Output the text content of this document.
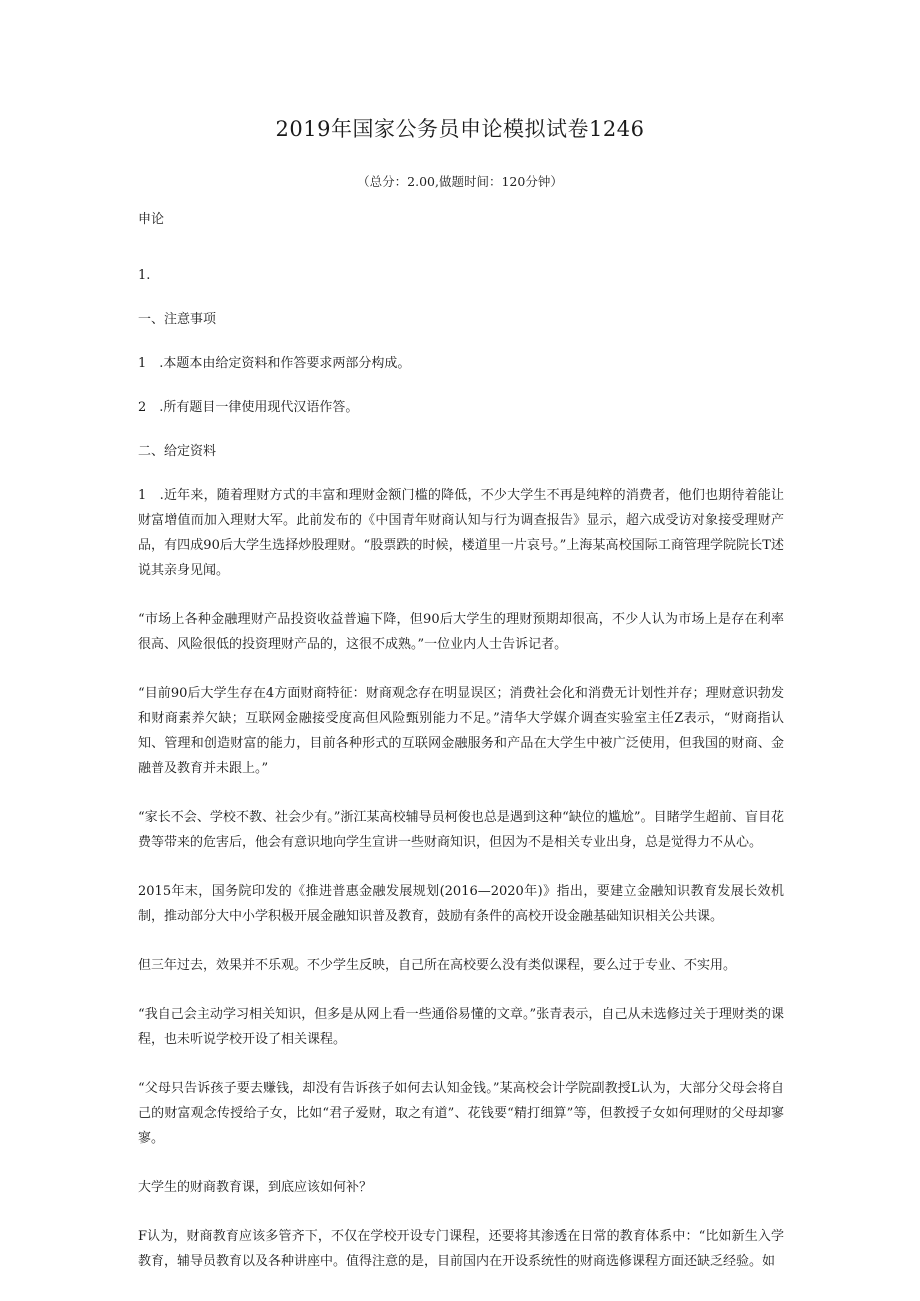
2019年国家公务员申论模拟试卷1246
（总分：2.00,做题时间：120分钟）

申论

1.

一、注意事项

1　.本题本由给定资料和作答要求两部分构成。

2　.所有题目一律使用现代汉语作答。

二、给定资料

1　.近年来，随着理财方式的丰富和理财金额门槛的降低，不少大学生不再是纯粹的消费者，他们也期待着能让财富增值而加入理财大军。此前发布的《中国青年财商认知与行为调查报告》显示，超六成受访对象接受理财产品，有四成90后大学生选择炒股理财。“股票跌的时候，楼道里一片哀号。”上海某高校国际工商管理学院院长T述说其亲身见闻。

“市场上各种金融理财产品投资收益普遍下降，但90后大学生的理财预期却很高，不少人认为市场上是存在利率很高、风险很低的投资理财产品的，这很不成熟。”一位业内人士告诉记者。

“目前90后大学生存在4方面财商特征：财商观念存在明显误区；消费社会化和消费无计划性并存；理财意识勃发和财商素养欠缺；互联网金融接受度高但风险甄别能力不足。”清华大学媒介调查实验室主任Z表示，“财商指认知、管理和创造财富的能力，目前各种形式的互联网金融服务和产品在大学生中被广泛使用，但我国的财商、金融普及教育并未跟上。”

“家长不会、学校不教、社会少有。”浙江某高校辅导员柯俊也总是遇到这种“缺位的尴尬”。目睹学生超前、盲目花费等带来的危害后，他会有意识地向学生宣讲一些财商知识，但因为不是相关专业出身，总是觉得力不从心。

2015年末，国务院印发的《推进普惠金融发展规划(2016—2020年)》指出，要建立金融知识教育发展长效机制，推动部分大中小学积极开展金融知识普及教育，鼓励有条件的高校开设金融基础知识相关公共课。

但三年过去，效果并不乐观。不少学生反映，自己所在高校要么没有类似课程，要么过于专业、不实用。

“我自己会主动学习相关知识，但多是从网上看一些通俗易懂的文章。”张青表示，自己从未选修过关于理财类的课程，也未听说学校开设了相关课程。

“父母只告诉孩子要去赚钱，却没有告诉孩子如何去认知金钱。”某高校会计学院副教授L认为，大部分父母会将自己的财富观念传授给子女，比如“君子爱财，取之有道”、花钱要“精打细算”等，但教授子女如何理财的父母却寥寥。

大学生的财商教育课，到底应该如何补？

F认为，财商教育应该多管齐下，不仅在学校开设专门课程，还要将其渗透在日常的教育体系中：“比如新生入学教育，辅导员教育以及各种讲座中。值得注意的是，目前国内在开设系统性的财商选修课程方面还缺乏经验。如
